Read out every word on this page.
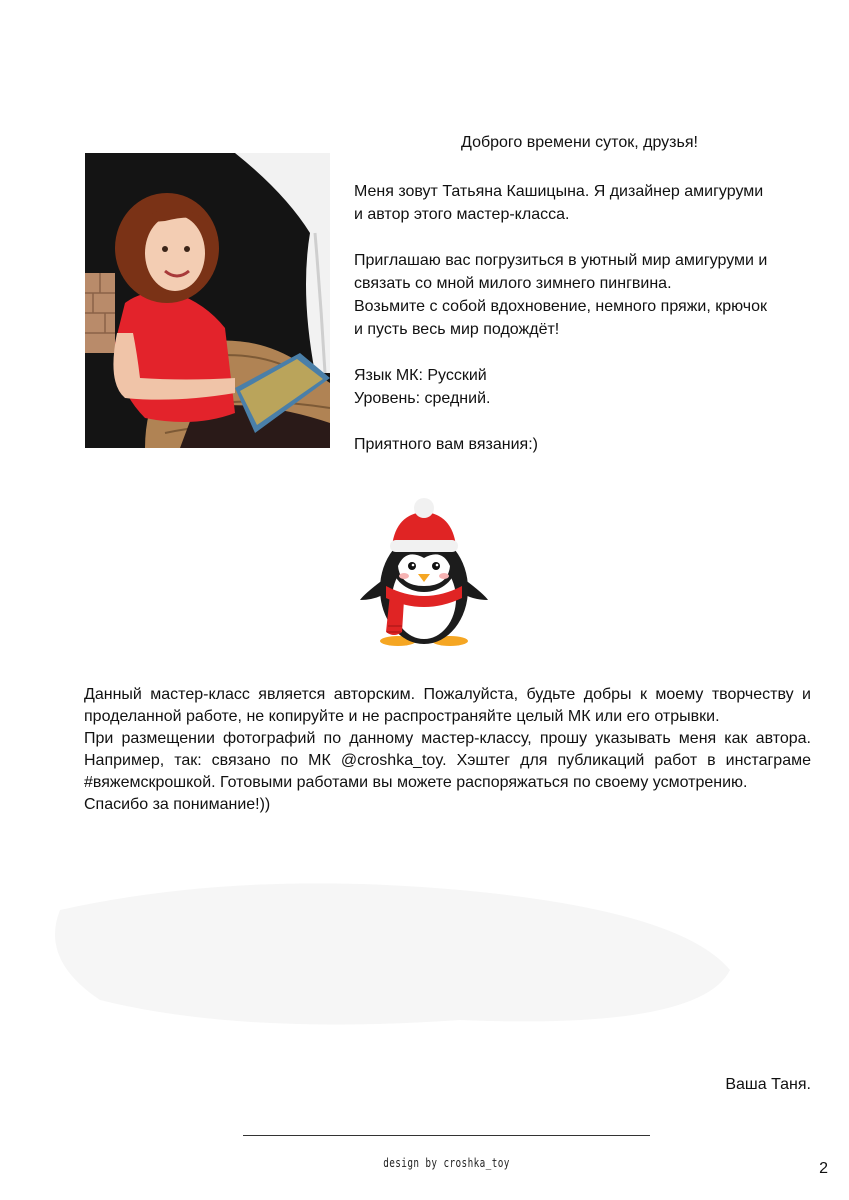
Доброго времени суток, друзья!

Меня зовут Татьяна Кашицына. Я дизайнер амигуруми
и автор этого мастер-класса.

Приглашаю вас погрузиться в уютный мир амигуруми и
связать со мной милого зимнего пингвина.
Возьмите с собой вдохновение, немного пряжи, крючок
и пусть весь мир подождёт!

Язык МК: Русский
Уровень: средний.

Приятного вам вязания:)

Данный мастер-класс является авторским. Пожалуйста, будьте добры к моему творчеству и проделанной работе, не копируйте и не распространяйте целый МК или его отрывки.

При размещении фотографий по данному мастер-классу, прошу указывать меня как автора. Например, так: связано по МК @croshka_toy. Хэштег для публикаций работ в инстаграме #вяжемскрошкой. Готовыми работами вы можете распоряжаться по своему усмотрению.

Спасибо за понимание!))

Ваша Таня.
design by croshka_toy	2
